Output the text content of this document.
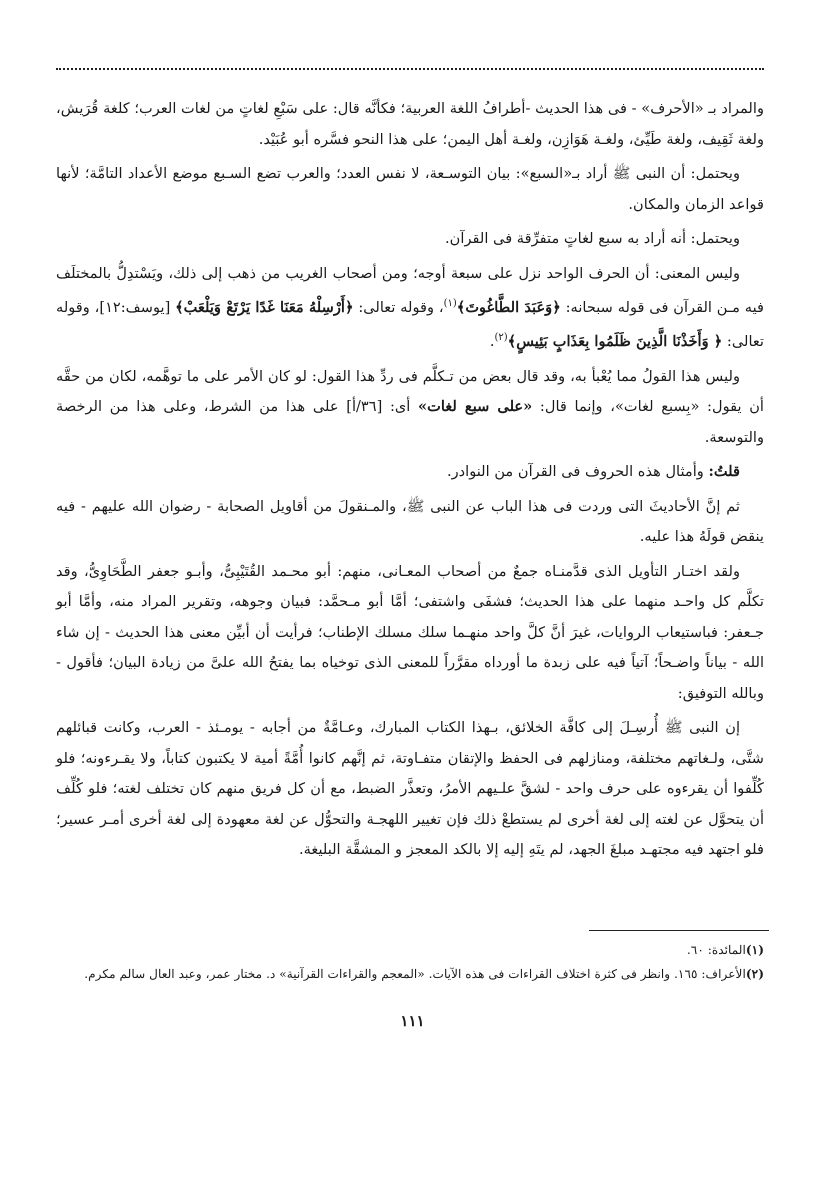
والمراد بـ «الأحرف» - فى هذا الحديث -أطرافُ اللغة العربية؛ فكأنَّه قال: على سَبْعِ لغاتٍ من لغات العرب؛ كلغة قُرَيش، ولغة ثَقِيف، ولغة طَيِّئ، ولغـة هَوَازِن، ولغـة أهل اليمن؛ على هذا النحو فسَّره أبو عُبَيْد.

ويحتمل: أن النبى ﷺ أراد بـ«السبع»: بيان التوسـعة، لا نفس العدد؛ والعرب تضع السـبع موضع الأعداد التامَّة؛ لأنها قواعد الزمان والمكان.

ويحتمل: أنه أراد به سبع لغاتٍ متفرِّقة فى القرآن.

وليس المعنى: أن الحرف الواحد نزل على سبعة أوجه؛ ومن أصحاب الغريب من ذهب إلى ذلك، ويَسْتدِلُّ بالمختلَف فيه مـن القرآن فى قوله سبحانه: ﴿وَعَبَدَ الطَّاغُوتَ﴾$^{(١)}$، وقوله تعالى: ﴿أَرْسِلْهُ مَعَنَا غَدًا يَرْتَعْ وَيَلْعَبْ﴾ [يوسف:١٢]، وقوله تعالى: ﴿ وَأَخَذْنَا الَّذِينَ ظَلَمُوا بِعَذَابٍ بَئِيسٍ﴾$^{(٢)}$.

وليس هذا القولُ مما يُعْبأ به، وقد قال بعض من تـكلَّم فى ردِّ هذا القول: لو كان الأمر على ما توهَّمه، لكان من حقَّه أن يقول: «بِسبع لغات»، وإنما قال: «على سبع لغات» أى: [٣٦/أ] على هذا من الشرط، وعلى هذا من الرخصة والتوسعة.

قلتُ: وأمثال هذه الحروف فى القرآن من النوادر.

ثم إنَّ الأحاديثَ التى وردت فى هذا الباب عن النبى ﷺ، والمـنقولَ من أقاويل الصحابة - رضوان الله عليهم - فيه ينقض قولَهُ هذا عليه.

ولقد اختـار التأويل الذى قدَّمنـاه جمعٌ من أصحاب المعـانى، منهم: أبو محـمد القُتَيْبِىُّ، وأبـو جعفر الطَّحَاوِىُّ، وقد تكلَّم كل واحـد منهما على هذا الحديث؛ فشفَى واشتفى؛ أمَّا أبو مـحمَّد: فبيان وجوهه، وتقرير المراد منه، وأمَّا أبو جـعفر: فباستيعاب الروايات، غيرَ أنَّ كلَّ واحد منهـما سلك مسلك الإطناب؛ فرأيت أن أبيِّن معنى هذا الحديث - إن شاء الله - بياناً واضـحاً؛ آتياً فيه على زبدة ما أورداه مقرَّراً للمعنى الذى توخياه بما يفتحُ الله علىَّ من زيادة البيان؛ فأقول - وبالله التوفيق:

إن النبى ﷺ أُرسِـلَ إلى كافَّة الخلائق، بـهذا الكتاب المبارك، وعـامَّةٌ من أجابه - يومـئذ - العرب، وكانت قبائلهم شتَّى، ولـغاتهم مختلفة، ومنازلهم فى الحفظ والإتقان متفـاوتة، ثم إنَّهم كانوا أُمَّةً أمية لا يكتبون كتاباً، ولا يقـرءونه؛ فلو كُلِّفوا أن يقرءوه على حرف واحد - لشقَّ علـيهم الأمرُ، وتعذَّر الضبط، مع أن كل فريق منهم كان تختلف لغته؛ فلو كُلِّف أن يتحوَّل عن لغته إلى لغة أخرى لم يستطعْ ذلك فإن تغيير اللهجـة والتحوُّل عن لغة معهودة إلى لغة أخرى أمـر عسير؛ فلو اجتهد فيه مجتهـد مبلغَ الجهد، لم يتَهِ إليه إلا بالكد المعجز و المشقَّة البليغة.

(١)المائدة: ٦٠.

(٢)الأعراف: ١٦٥. وانظر فى كثرة اختلاف القراءات فى هذه الآيات. «المعجم والقراءات القرآنية» د. مختار عمر، وعبد العال سالم مكرم.

١١١
